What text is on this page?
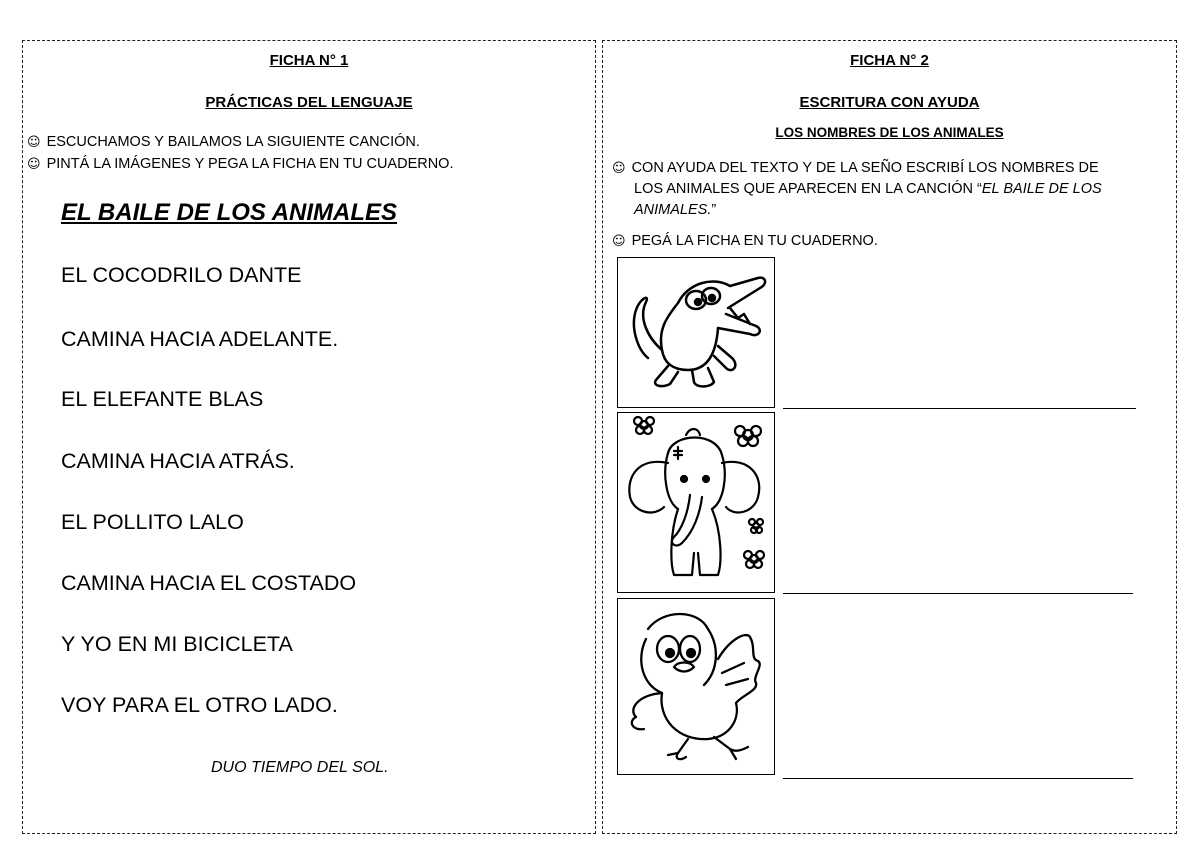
FICHA N° 1
PRÁCTICAS DEL LENGUAJE
☺ ESCUCHAMOS Y BAILAMOS LA SIGUIENTE CANCIÓN.
☺ PINTÁ LA IMÁGENES Y PEGA LA FICHA EN TU CUADERNO.
EL BAILE DE LOS ANIMALES
EL COCODRILO DANTE
CAMINA HACIA ADELANTE.
EL ELEFANTE BLAS
CAMINA HACIA ATRÁS.
EL POLLITO LALO
CAMINA HACIA EL COSTADO
Y YO EN MI BICICLETA
VOY PARA EL OTRO LADO.
DUO TIEMPO DEL SOL.
FICHA N° 2
ESCRITURA CON AYUDA
LOS NOMBRES DE LOS ANIMALES
☺ CON AYUDA DEL TEXTO Y DE LA SEÑO ESCRIBÍ LOS NOMBRES DE
LOS ANIMALES QUE APARECEN EN LA CANCIÓN “EL BAILE DE LOS
ANIMALES.”
☺ PEGÁ LA FICHA EN TU CUADERNO.
